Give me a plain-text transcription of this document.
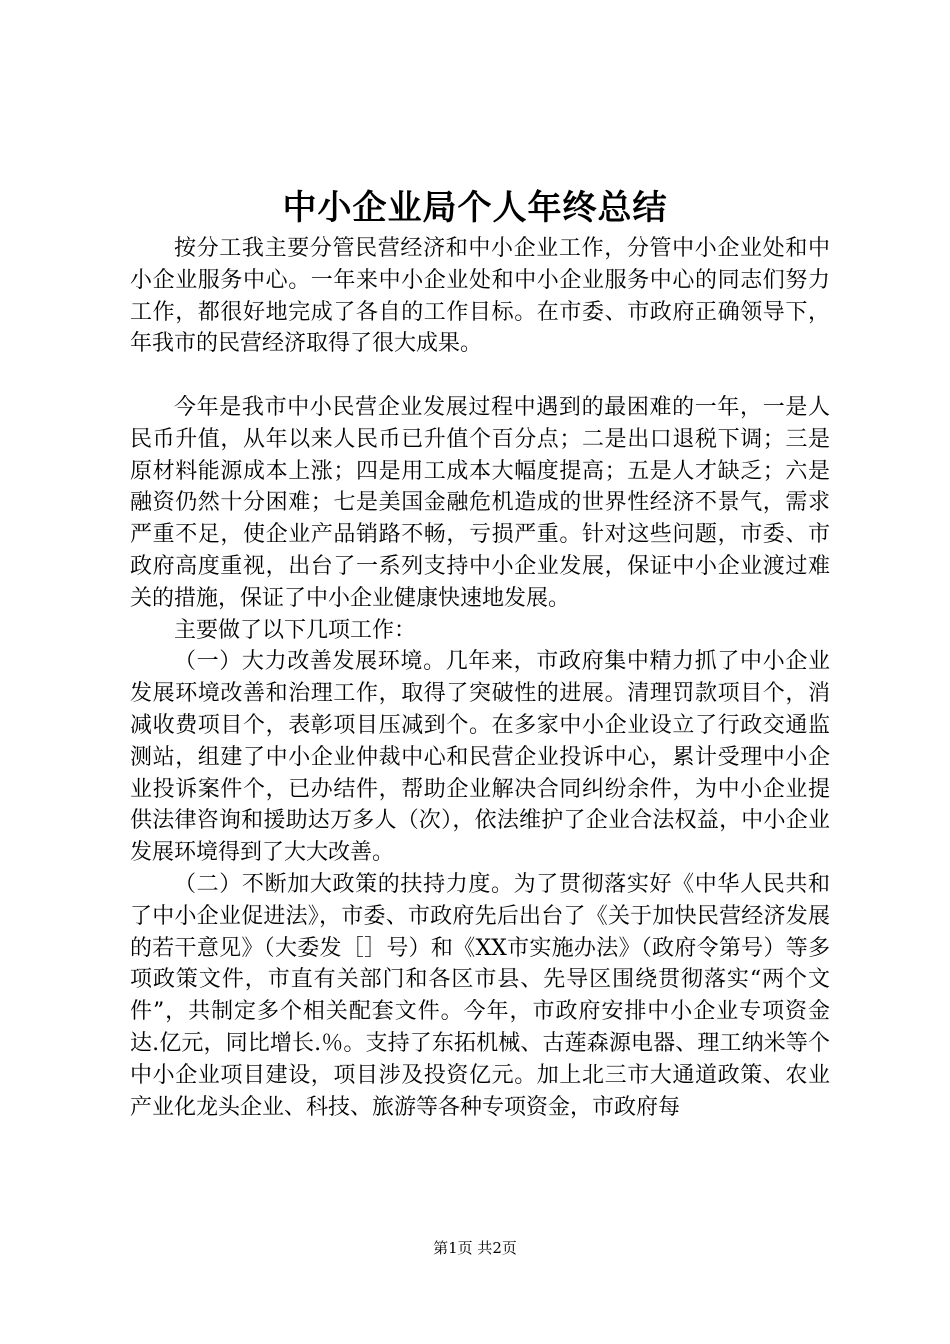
中小企业局个人年终总结

按分工我主要分管民营经济和中小企业工作，分管中小企业处和中小企业服务中心。一年来中小企业处和中小企业服务中心的同志们努力工作，都很好地完成了各自的工作目标。在市委、市政府正确领导下，年我市的民营经济取得了很大成果。

今年是我市中小民营企业发展过程中遇到的最困难的一年，一是人民币升值，从年以来人民币已升值个百分点；二是出口退税下调；三是原材料能源成本上涨；四是用工成本大幅度提高；五是人才缺乏；六是融资仍然十分困难；七是美国金融危机造成的世界性经济不景气，需求严重不足，使企业产品销路不畅，亏损严重。针对这些问题，市委、市政府高度重视，出台了一系列支持中小企业发展，保证中小企业渡过难关的措施，保证了中小企业健康快速地发展。

主要做了以下几项工作：

（一）大力改善发展环境。几年来，市政府集中精力抓了中小企业发展环境改善和治理工作，取得了突破性的进展。清理罚款项目个，消减收费项目个，表彰项目压减到个。在多家中小企业设立了行政交通监测站，组建了中小企业仲裁中心和民营企业投诉中心，累计受理中小企业投诉案件个，已办结件，帮助企业解决合同纠纷余件，为中小企业提供法律咨询和援助达万多人（次），依法维护了企业合法权益，中小企业发展环境得到了大大改善。

（二）不断加大政策的扶持力度。为了贯彻落实好《中华人民共和了中小企业促进法》，市委、市政府先后出台了《关于加快民营经济发展的若干意见》（大委发［］号）和《XX市实施办法》（政府令第号）等多项政策文件，市直有关部门和各区市县、先导区围绕贯彻落实“两个文件”，共制定多个相关配套文件。今年，市政府安排中小企业专项资金达.亿元，同比增长.％。支持了东拓机械、古莲森源电器、理工纳米等个中小企业项目建设，项目涉及投资亿元。加上北三市大通道政策、农业产业化龙头企业、科技、旅游等各种专项资金，市政府每

第1页 共2页
